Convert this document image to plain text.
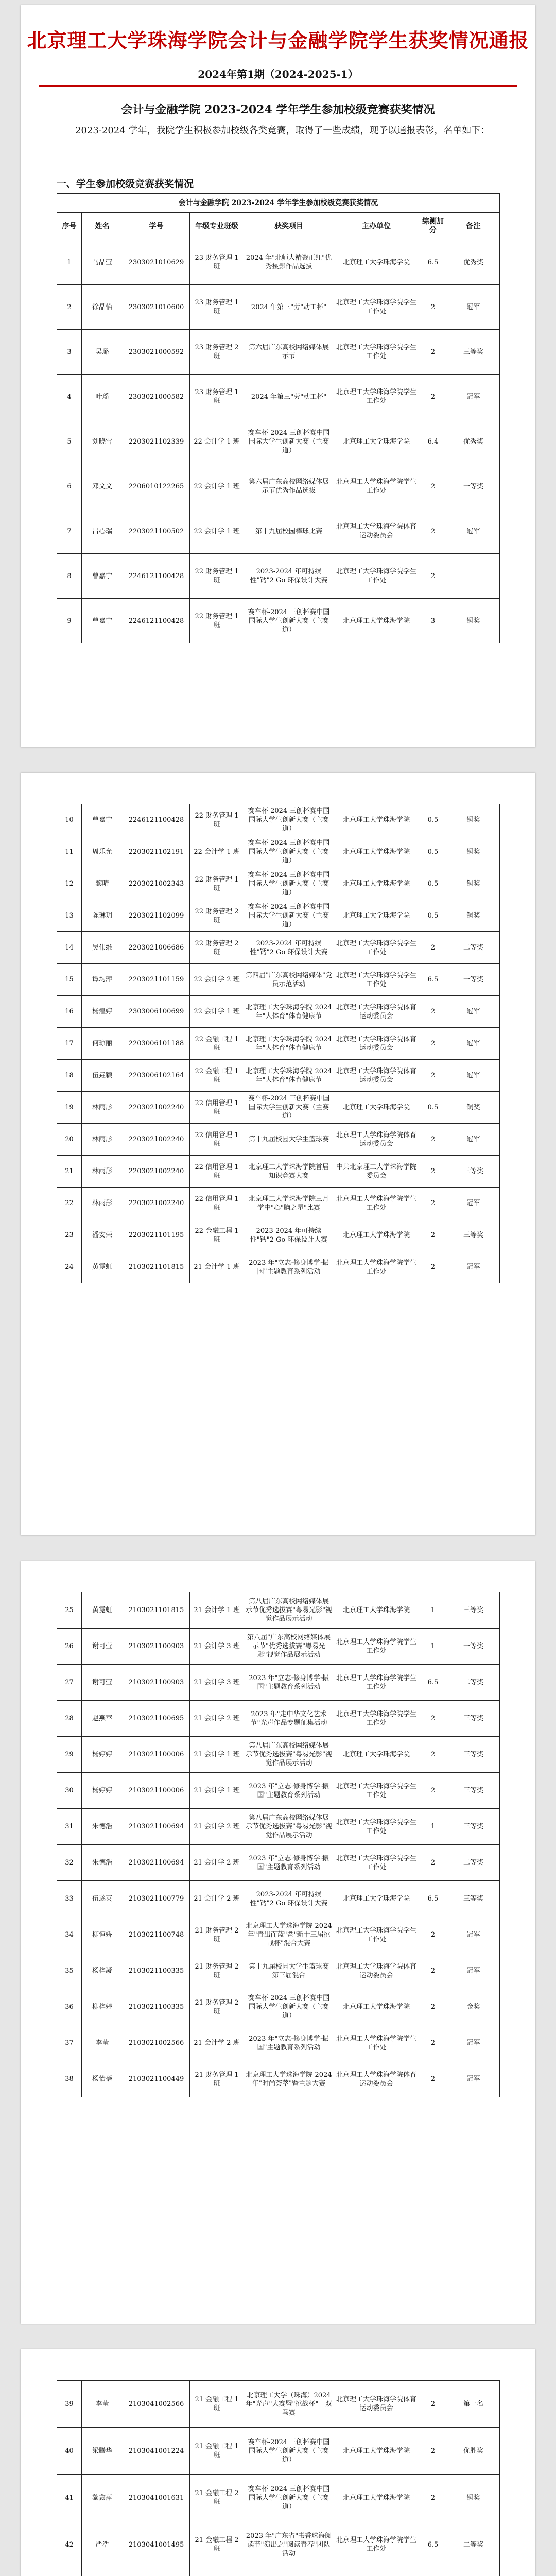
北京理工大学珠海学院会计与金融学院学生获奖情况通报
2024年第1期（2024-2025-1）
会计与金融学院 2023-2024 学年学生参加校级竞赛获奖情况
2023-2024 学年，我院学生积极参加校级各类竞赛，取得了一些成绩，现予以通报表彰，名单如下：
一、学生参加校级竞赛获奖情况
会计与金融学院 2023-2024 学年学生参加校级竞赛获奖情况							
序号	姓名	学号	年级专业班级	获奖项目	主办单位	综测加分	备注
1	马晶莹	2303021010629	23 财务管理 1 班	2024 年"北师大精瓷正红"优秀摄影作品选拔	北京理工大学珠海学院	6.5	优秀奖
2	徐晶怡	2303021010600	23 财务管理 1 班	2024 年第三"劳"动工杯"	北京理工大学珠海学院学生工作处	2	冠军
3	吴璐	2303021000592	23 财务管理 2 班	第六届广东高校网络媒体展示节	北京理工大学珠海学院学生工作处	2	三等奖
4	叶瑶	2303021000582	23 财务管理 1 班	2024 年第三"劳"动工杯"	北京理工大学珠海学院学生工作处	2	冠军
5	刘晓雪	2203021102339	22 会计学 1 班	赛车杯-2024 三创杯赛中国国际大学生创新大赛（主赛道）	北京理工大学珠海学院	6.4	优秀奖
6	邓文文	2206010122265	22 会计学 1 班	第六届广东高校网络媒体展示节优秀作品选拔	北京理工大学珠海学院学生工作处	2	一等奖
7	吕心瑞	2203021100502	22 会计学 1 班	第十九届校园棒球比赛	北京理工大学珠海学院体育运动委员会	2	冠军
8	曹嘉宁	2246121100428	22 财务管理 1 班	2023-2024 年可持续性"钙"2 Go 环保设计大赛	北京理工大学珠海学院学生工作处	2	
9	曹嘉宁	2246121100428	22 财务管理 1 班	赛车杯-2024 三创杯赛中国国际大学生创新大赛（主赛道）	北京理工大学珠海学院	3	铜奖
10	曹嘉宁	2246121100428	22 财务管理 1 班	赛车杯-2024 三创杯赛中国国际大学生创新大赛（主赛道）	北京理工大学珠海学院	0.5	铜奖
11	周乐允	2203021102191	22 会计学 1 班	赛车杯-2024 三创杯赛中国国际大学生创新大赛（主赛道）	北京理工大学珠海学院	0.5	铜奖
12	黎晴	2203021002343	22 财务管理 1 班	赛车杯-2024 三创杯赛中国国际大学生创新大赛（主赛道）	北京理工大学珠海学院	0.5	铜奖
13	陈琳玥	2203021102099	22 财务管理 2 班	赛车杯-2024 三创杯赛中国国际大学生创新大赛（主赛道）	北京理工大学珠海学院	0.5	铜奖
14	吴伟维	2203021006686	22 财务管理 2 班	2023-2024 年可持续性"钙"2 Go 环保设计大赛	北京理工大学珠海学院学生工作处	2	二等奖
15	谭均萍	2203021101159	22 会计学 2 班	第四届"广东高校网络媒体"党员示范活动	北京理工大学珠海学院学生工作处	6.5	一等奖
16	杨煌婷	2303006100699	22 会计学 1 班	北京理工大学珠海学院 2024 年"大体育"体育健康节	北京理工大学珠海学院体育运动委员会	2	冠军
17	何琼丽	2203006101188	22 金融工程 1 班	北京理工大学珠海学院 2024 年"大体育"体育健康节	北京理工大学珠海学院体育运动委员会	2	冠军
18	伍垚颖	2203006102164	22 金融工程 1 班	北京理工大学珠海学院 2024 年"大体育"体育健康节	北京理工大学珠海学院体育运动委员会	2	冠军
19	林雨彤	2203021002240	22 信用管理 1 班	赛车杯-2024 三创杯赛中国国际大学生创新大赛（主赛道）	北京理工大学珠海学院	0.5	铜奖
20	林雨彤	2203021002240	22 信用管理 1 班	第十九届校园大学生篮球赛	北京理工大学珠海学院体育运动委员会	2	冠军
21	林雨彤	2203021002240	22 信用管理 1 班	北京理工大学珠海学院首届知识竞赛大赛	中共北京理工大学珠海学院委员会	2	三等奖
22	林雨彤	2203021002240	22 信用管理 1 班	北京理工大学珠海学院三月学中"心"脑之星"比赛	北京理工大学珠海学院学生工作处	2	冠军
23	潘安荣	2203021101195	22 金融工程 1 班	2023-2024 年可持续性"钙"2 Go 环保设计大赛	北京理工大学珠海学院	2	三等奖
24	黄霓虹	2103021101815	21 会计学 1 班	2023 年"立志·修身博学·振国"主题教育系列活动	北京理工大学珠海学院学生工作处	2	冠军
25	黄霓虹	2103021101815	21 会计学 1 班	第八届广东高校网络媒体展示节优秀选拔赛"粤易光影"视觉作品展示活动	北京理工大学珠海学院	1	三等奖
26	谢可莹	2103021100903	21 会计学 3 班	第八届"广东高校网络媒体展示节"优秀选拔赛"粤易光影"视觉作品展示活动	北京理工大学珠海学院学生工作处	1	一等奖
27	谢可莹	2103021100903	21 会计学 3 班	2023 年"立志·修身博学·振国"主题教育系列活动	北京理工大学珠海学院学生工作处	6.5	二等奖
28	赵燕苹	2103021100695	21 会计学 2 班	2023 年"走中华文化艺术节"光声作品专题征集活动	北京理工大学珠海学院学生工作处	2	三等奖
29	杨婷婷	2103021100006	21 会计学 1 班	第八届广东高校网络媒体展示节优秀选拔赛"粤易光影"视觉作品展示活动	北京理工大学珠海学院	2	三等奖
30	杨婷婷	2103021100006	21 会计学 1 班	2023 年"立志·修身博学·振国"主题教育系列活动	北京理工大学珠海学院学生工作处	2	三等奖
31	朱德浩	2103021100694	21 会计学 2 班	第八届广东高校网络媒体展示节优秀选拔赛"粤易光影"视觉作品展示活动	北京理工大学珠海学院学生工作处	1	三等奖
32	朱德浩	2103021100694	21 会计学 2 班	2023 年"立志·修身博学·振国"主题教育系列活动	北京理工大学珠海学院学生工作处	2	二等奖
33	伍遂英	2103021100779	21 会计学 2 班	2023-2024 年可持续性"钙"2 Go 环保设计大赛	北京理工大学珠海学院	6.5	三等奖
34	柳恒娇	2103021100748	21 财务管理 2 班	北京理工大学珠海学院 2024 年"青出而蓝"暨"新十三届挑战杯"混合大赛	北京理工大学珠海学院学生工作处	2	冠军
35	杨梓凝	2103021100335	21 财务管理 2 班	第十九届校园大学生篮球赛第三届混合	北京理工大学珠海学院体育运动委员会	2	冠军
36	柳梓婷	2103021100335	21 财务管理 2 班	赛车杯-2024 三创杯赛中国国际大学生创新大赛（主赛道）	北京理工大学珠海学院	2	金奖
37	李莹	2103021002566	21 会计学 2 班	2023 年"立志·修身博学·振国"主题教育系列活动	北京理工大学珠海学院学生工作处	2	冠军
38	杨怡蓓	2103021100449	21 财务管理 1 班	北京理工大学珠海学院 2024 年"时尚荟萃"暨主题大赛	北京理工大学珠海学院体育运动委员会	2	冠军
39	李莹	2103041002566	21 金融工程 1 班	北京理工大学（珠海）2024 年"光声"大赛暨"挑战杯"一双马赛	北京理工大学珠海学院体育运动委员会	2	第一名
40	梁腾华	2103041001224	21 金融工程 1 班	赛车杯-2024 三创杯赛中国国际大学生创新大赛（主赛道）	北京理工大学珠海学院	2	优胜奖
41	黎鑫萍	2103041001631	21 金融工程 2 班	赛车杯-2024 三创杯赛中国国际大学生创新大赛（主赛道）	北京理工大学珠海学院	2	铜奖
42	严浩	2103041001495	21 金融工程 2 班	2023 年"广东省"书香珠海阅读节"演出之"阅读青春"团队活动	北京理工大学珠海学院学生工作处	6.5	二等奖
